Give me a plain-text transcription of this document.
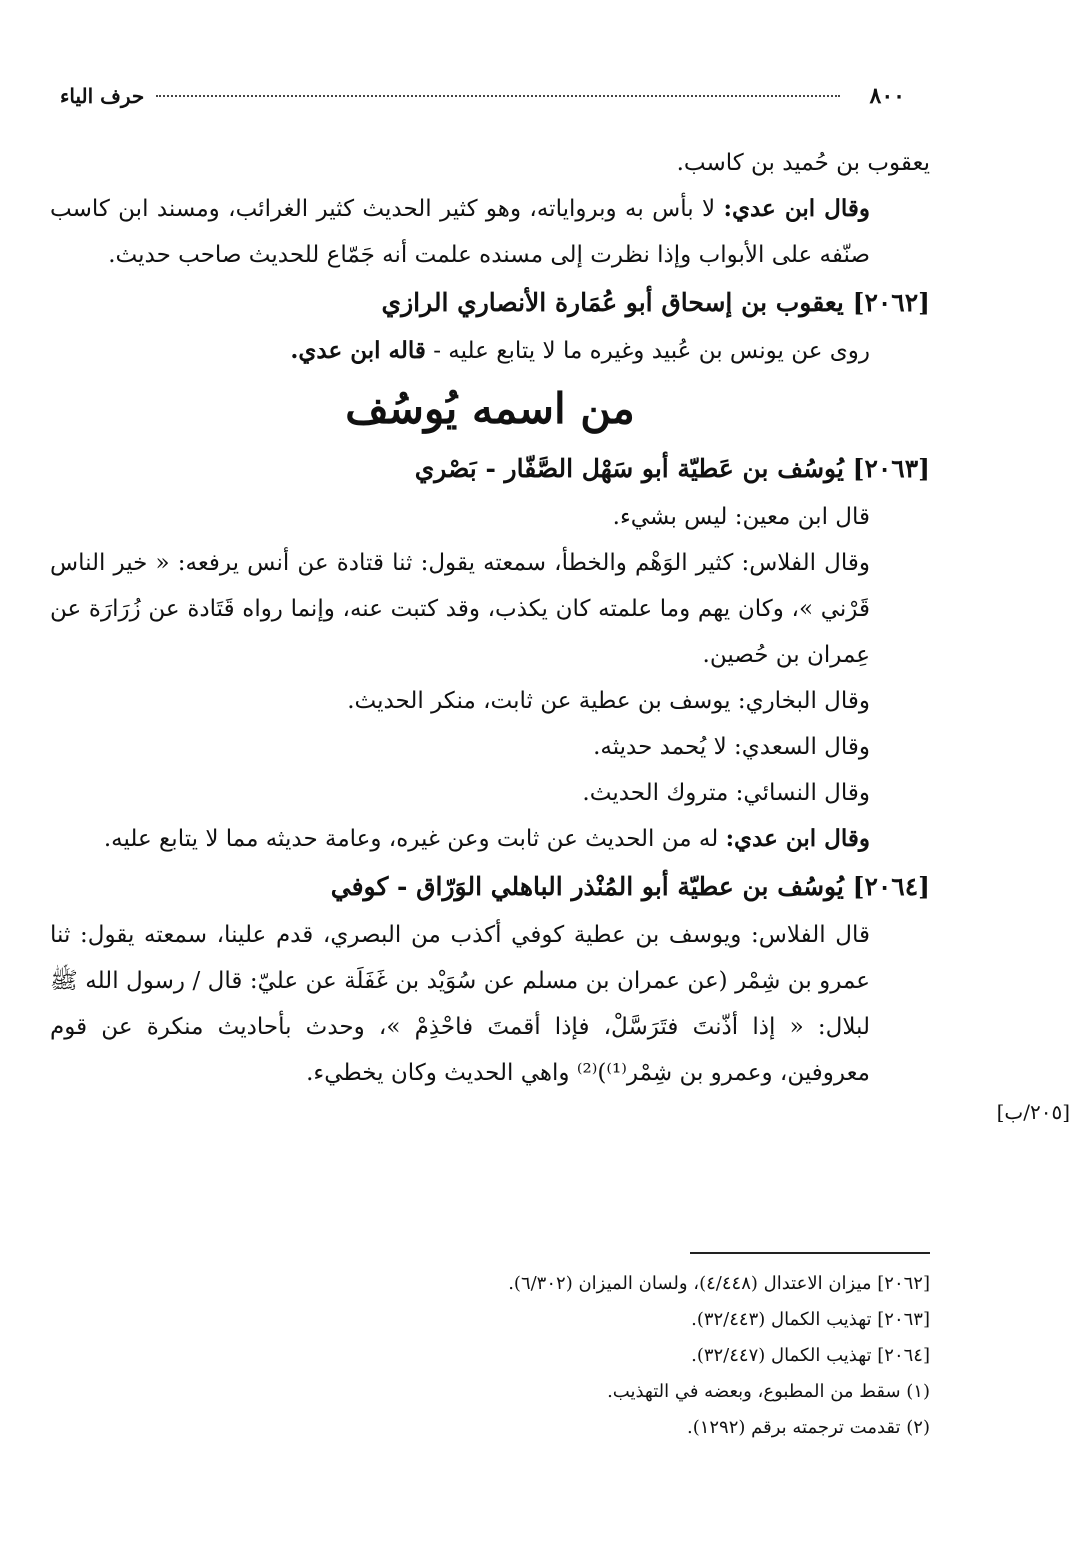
٨٠٠
حرف الياء

يعقوب بن حُميد بن كاسب.

وقال ابن عدي: لا بأس به وبرواياته، وهو كثير الحديث كثير الغرائب، ومسند ابن كاسب صنّفه على الأبواب وإذا نظرت إلى مسنده علمت أنه جَمّاع للحديث صاحب حديث.

[٢٠٦٢] يعقوب بن إسحاق أبو عُمَارة الأنصاري الرازي

روى عن يونس بن عُبيد وغيره ما لا يتابع عليه - قاله ابن عدي.

من اسمه يُوسُف

[٢٠٦٣] يُوسُف بن عَطيّة أبو سَهْل الصَّفّار - بَصْري

قال ابن معين: ليس بشيء.

وقال الفلاس: كثير الوَهْم والخطأ، سمعته يقول: ثنا قتادة عن أنس يرفعه: « خير الناس قَرْني »، وكان يهم وما علمته كان يكذب، وقد كتبت عنه، وإنما رواه قَتَادة عن زُرَارَة عن عِمران بن حُصين.

وقال البخاري: يوسف بن عطية عن ثابت، منكر الحديث.

وقال السعدي: لا يُحمد حديثه.

وقال النسائي: متروك الحديث.

وقال ابن عدي: له من الحديث عن ثابت وعن غيره، وعامة حديثه مما لا يتابع عليه.

[٢٠٦٤] يُوسُف بن عطيّة أبو المُنْذر الباهلي الوَرّاق - كوفي

قال الفلاس: ويوسف بن عطية كوفي أكذب من البصري، قدم علينا، سمعته يقول: ثنا عمرو بن شِمْر (عن عمران بن مسلم عن سُوَيْد بن غَفَلَة عن عليّ: قال / رسول الله ﷺ لبلال: « إذا أذّنتَ فتَرَسَّلْ، فإذا أقمتَ فاحْذِمْ »، وحدث بأحاديث منكرة عن قوم معروفين، وعمرو بن شِمْر⁽¹⁾)⁽²⁾ واهي الحديث وكان يخطيء.

[٢٠٥/ب]

[٢٠٦٢] ميزان الاعتدال (٤/٤٤٨)، ولسان الميزان (٦/٣٠٢).

[٢٠٦٣] تهذيب الكمال (٣٢/٤٤٣).

[٢٠٦٤] تهذيب الكمال (٣٢/٤٤٧).

(١) سقط من المطبوع، وبعضه في التهذيب.

(٢) تقدمت ترجمته برقم (١٢٩٢).
